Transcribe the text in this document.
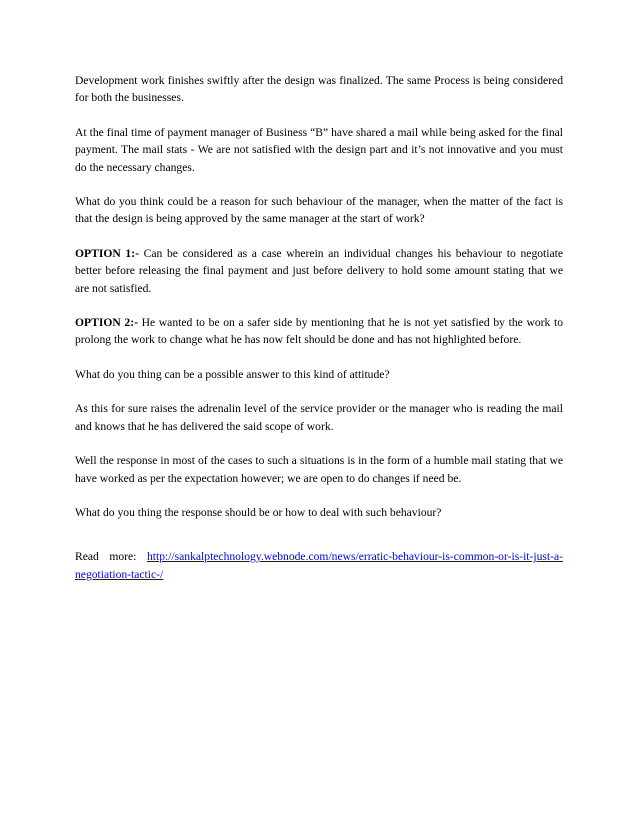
Development work finishes swiftly after the design was finalized. The same Process is being considered for both the businesses.

At the final time of payment manager of Business “B” have shared a mail while being asked for the final payment. The mail stats - We are not satisfied with the design part and it’s not innovative and you must do the necessary changes.

What do you think could be a reason for such behaviour of the manager, when the matter of the fact is that the design is being approved by the same manager at the start of work?

OPTION 1:- Can be considered as a case wherein an individual changes his behaviour to negotiate better before releasing the final payment and just before delivery to hold some amount stating that we are not satisfied.

OPTION 2:- He wanted to be on a safer side by mentioning that he is not yet satisfied by the work to prolong the work to change what he has now felt should be done and has not highlighted before.

What do you thing can be a possible answer to this kind of attitude?

As this for sure raises the adrenalin level of the service provider or the manager who is reading the mail and knows that he has delivered the said scope of work.

Well the response in most of the cases to such a situations is in the form of a humble mail stating that we have worked as per the expectation however; we are open to do changes if need be.

What do you thing the response should be or how to deal with such behaviour?

Read more: http://sankalptechnology.webnode.com/news/erratic-behaviour-is-common-or-is-it-just-a-negotiation-tactic-/
